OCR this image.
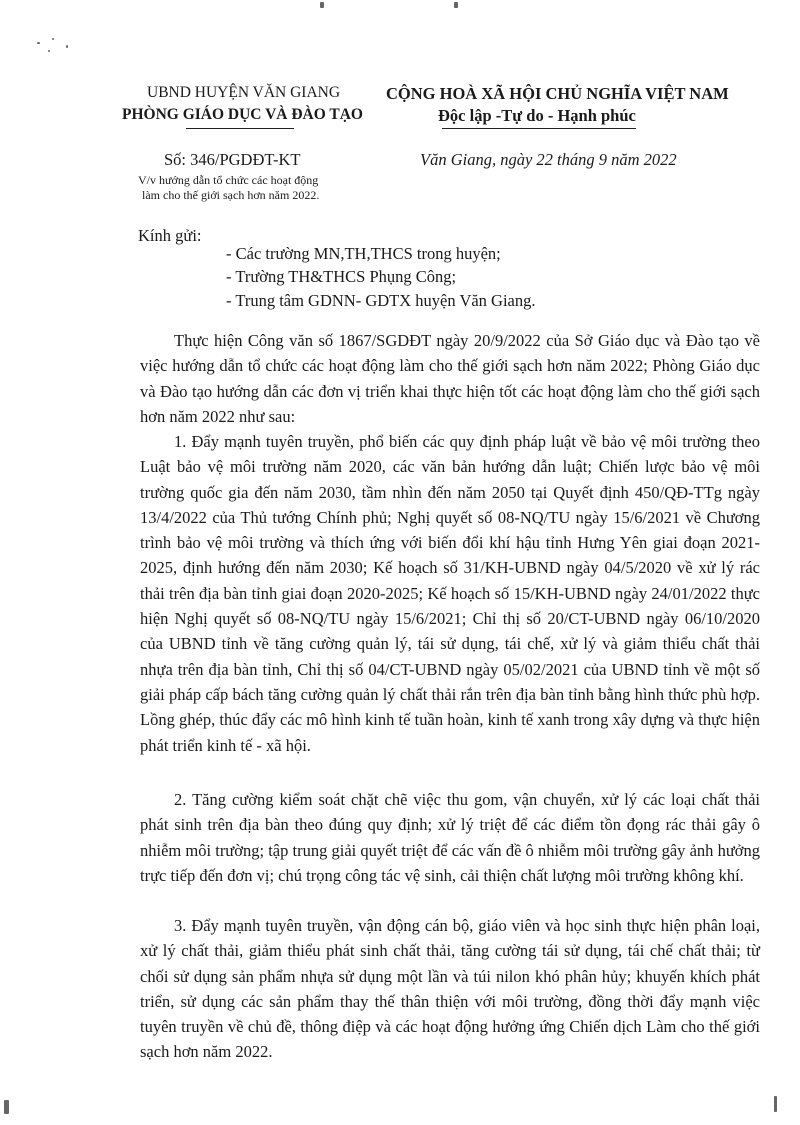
UBND HUYỆN VĂN GIANG
PHÒNG GIÁO DỤC VÀ ĐÀO TẠO
CỘNG HOÀ XÃ HỘI CHỦ NGHĨA VIỆT NAM
Độc lập -Tự do - Hạnh phúc
Số: 346/PGDĐT-KT
V/v hướng dẫn tổ chức các hoạt động
làm cho thế giới sạch hơn năm 2022.
Văn Giang, ngày 22 tháng 9 năm 2022
Kính gửi:
- Các trường MN,TH,THCS trong huyện;
- Trường TH&THCS Phụng Công;
- Trung tâm GDNN- GDTX huyện Văn Giang.
Thực hiện Công văn số 1867/SGDĐT ngày 20/9/2022 của Sở Giáo dục và Đào tạo về việc hướng dẫn tổ chức các hoạt động làm cho thế giới sạch hơn năm 2022; Phòng Giáo dục và Đào tạo hướng dẫn các đơn vị triển khai thực hiện tốt các hoạt động làm cho thế giới sạch hơn năm 2022 như sau:
1. Đẩy mạnh tuyên truyền, phổ biến các quy định pháp luật về bảo vệ môi trường theo Luật bảo vệ môi trường năm 2020, các văn bản hướng dẫn luật; Chiến lược bảo vệ môi trường quốc gia đến năm 2030, tầm nhìn đến năm 2050 tại Quyết định 450/QĐ-TTg ngày 13/4/2022 của Thủ tướng Chính phủ; Nghị quyết số 08-NQ/TU ngày 15/6/2021 về Chương trình bảo vệ môi trường và thích ứng với biến đổi khí hậu tỉnh Hưng Yên giai đoạn 2021-2025, định hướng đến năm 2030; Kế hoạch số 31/KH-UBND ngày 04/5/2020 về xử lý rác thải trên địa bàn tỉnh giai đoạn 2020-2025; Kế hoạch số 15/KH-UBND ngày 24/01/2022 thực hiện Nghị quyết số 08-NQ/TU ngày 15/6/2021; Chỉ thị số 20/CT-UBND ngày 06/10/2020 của UBND tỉnh về tăng cường quản lý, tái sử dụng, tái chế, xử lý và giảm thiểu chất thải nhựa trên địa bàn tỉnh, Chỉ thị số 04/CT-UBND ngày 05/02/2021 của UBND tỉnh về một số giải pháp cấp bách tăng cường quản lý chất thải rắn trên địa bàn tỉnh bằng hình thức phù hợp. Lồng ghép, thúc đẩy các mô hình kinh tế tuần hoàn, kinh tế xanh trong xây dựng và thực hiện phát triển kinh tế - xã hội.
2. Tăng cường kiểm soát chặt chẽ việc thu gom, vận chuyển, xử lý các loại chất thải phát sinh trên địa bàn theo đúng quy định; xử lý triệt để các điểm tồn đọng rác thải gây ô nhiễm môi trường; tập trung giải quyết triệt để các vấn đề ô nhiễm môi trường gây ảnh hưởng trực tiếp đến đơn vị; chú trọng công tác vệ sinh, cải thiện chất lượng môi trường không khí.
3. Đẩy mạnh tuyên truyền, vận động cán bộ, giáo viên và học sinh thực hiện phân loại, xử lý chất thải, giảm thiểu phát sinh chất thải, tăng cường tái sử dụng, tái chế chất thải; từ chối sử dụng sản phẩm nhựa sử dụng một lần và túi nilon khó phân hủy; khuyến khích phát triển, sử dụng các sản phẩm thay thế thân thiện với môi trường, đồng thời đẩy mạnh việc tuyên truyền về chủ đề, thông điệp và các hoạt động hưởng ứng Chiến dịch Làm cho thế giới sạch hơn năm 2022.
